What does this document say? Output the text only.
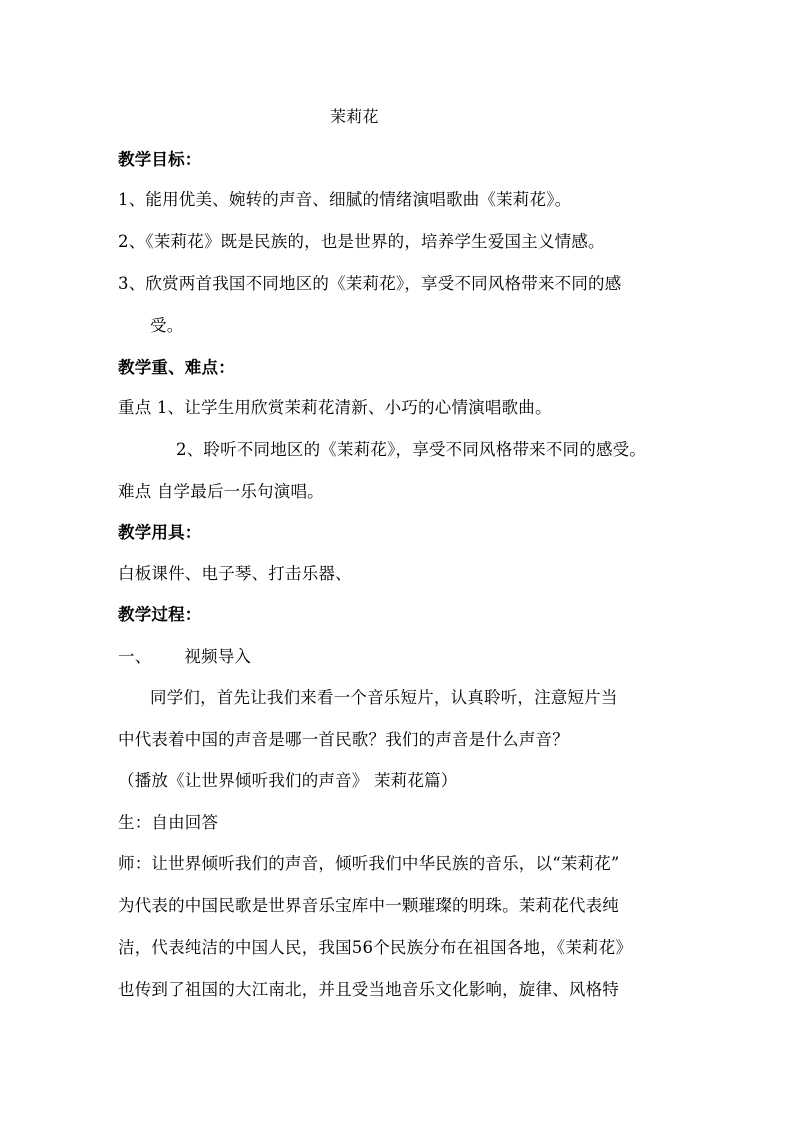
茉莉花
教学目标：
1、能用优美、婉转的声音、细腻的情绪演唱歌曲《茉莉花》。
2、《茉莉花》既是民族的，也是世界的，培养学生爱国主义情感。
3、欣赏两首我国不同地区的《茉莉花》，享受不同风格带来不同的感
受。
教学重、难点：
重点 1、让学生用欣赏茉莉花清新、小巧的心情演唱歌曲。
2、聆听不同地区的《茉莉花》，享受不同风格带来不同的感受。
难点 自学最后一乐句演唱。
教学用具：
白板课件、电子琴、打击乐器、
教学过程：
一、 视频导入
同学们，首先让我们来看一个音乐短片，认真聆听，注意短片当
中代表着中国的声音是哪一首民歌？我们的声音是什么声音？
（播放《让世界倾听我们的声音》 茉莉花篇）
生：自由回答
师：让世界倾听我们的声音，倾听我们中华民族的音乐，以“茉莉花”
为代表的中国民歌是世界音乐宝库中一颗璀璨的明珠。茉莉花代表纯
洁，代表纯洁的中国人民，我国56个民族分布在祖国各地，《茉莉花》
也传到了祖国的大江南北，并且受当地音乐文化影响，旋律、风格特
